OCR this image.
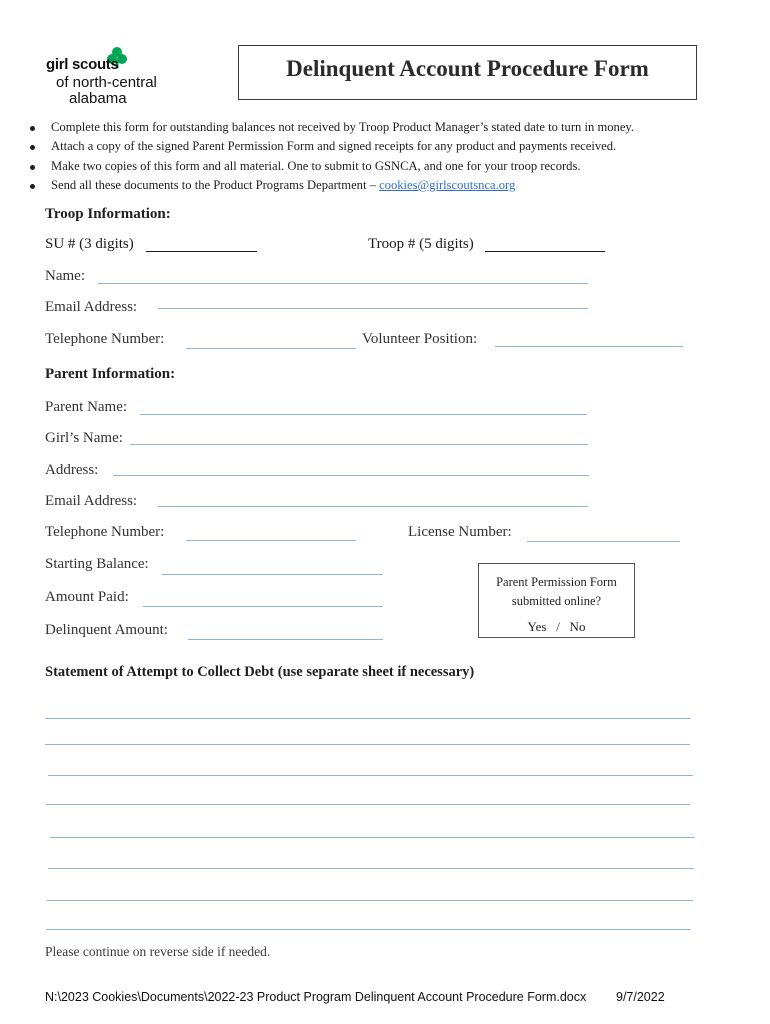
girl scouts
of north-central
alabama
Delinquent Account Procedure Form
Complete this form for outstanding balances not received by Troop Product Manager’s stated date to turn in money.
Attach a copy of the signed Parent Permission Form and signed receipts for any product and payments received.
Make two copies of this form and all material. One to submit to GSNCA, and one for your troop records.
Send all these documents to the Product Programs Department – cookies@girlscoutsnca.org
Troop Information:
SU # (3 digits)	Troop # (5 digits)
Name:
Email Address:
Telephone Number:	Volunteer Position:
Parent Information:
Parent Name:
Girl’s Name:
Address:
Email Address:
Telephone Number:	License Number:
Starting Balance:
Amount Paid:
Delinquent Amount:
Parent Permission Form
submitted online?
Yes   /   No
Statement of Attempt to Collect Debt (use separate sheet if necessary)
Please continue on reverse side if needed.
N:\2023 Cookies\Documents\2022-23 Product Program Delinquent Account Procedure Form.docx 9/7/2022
